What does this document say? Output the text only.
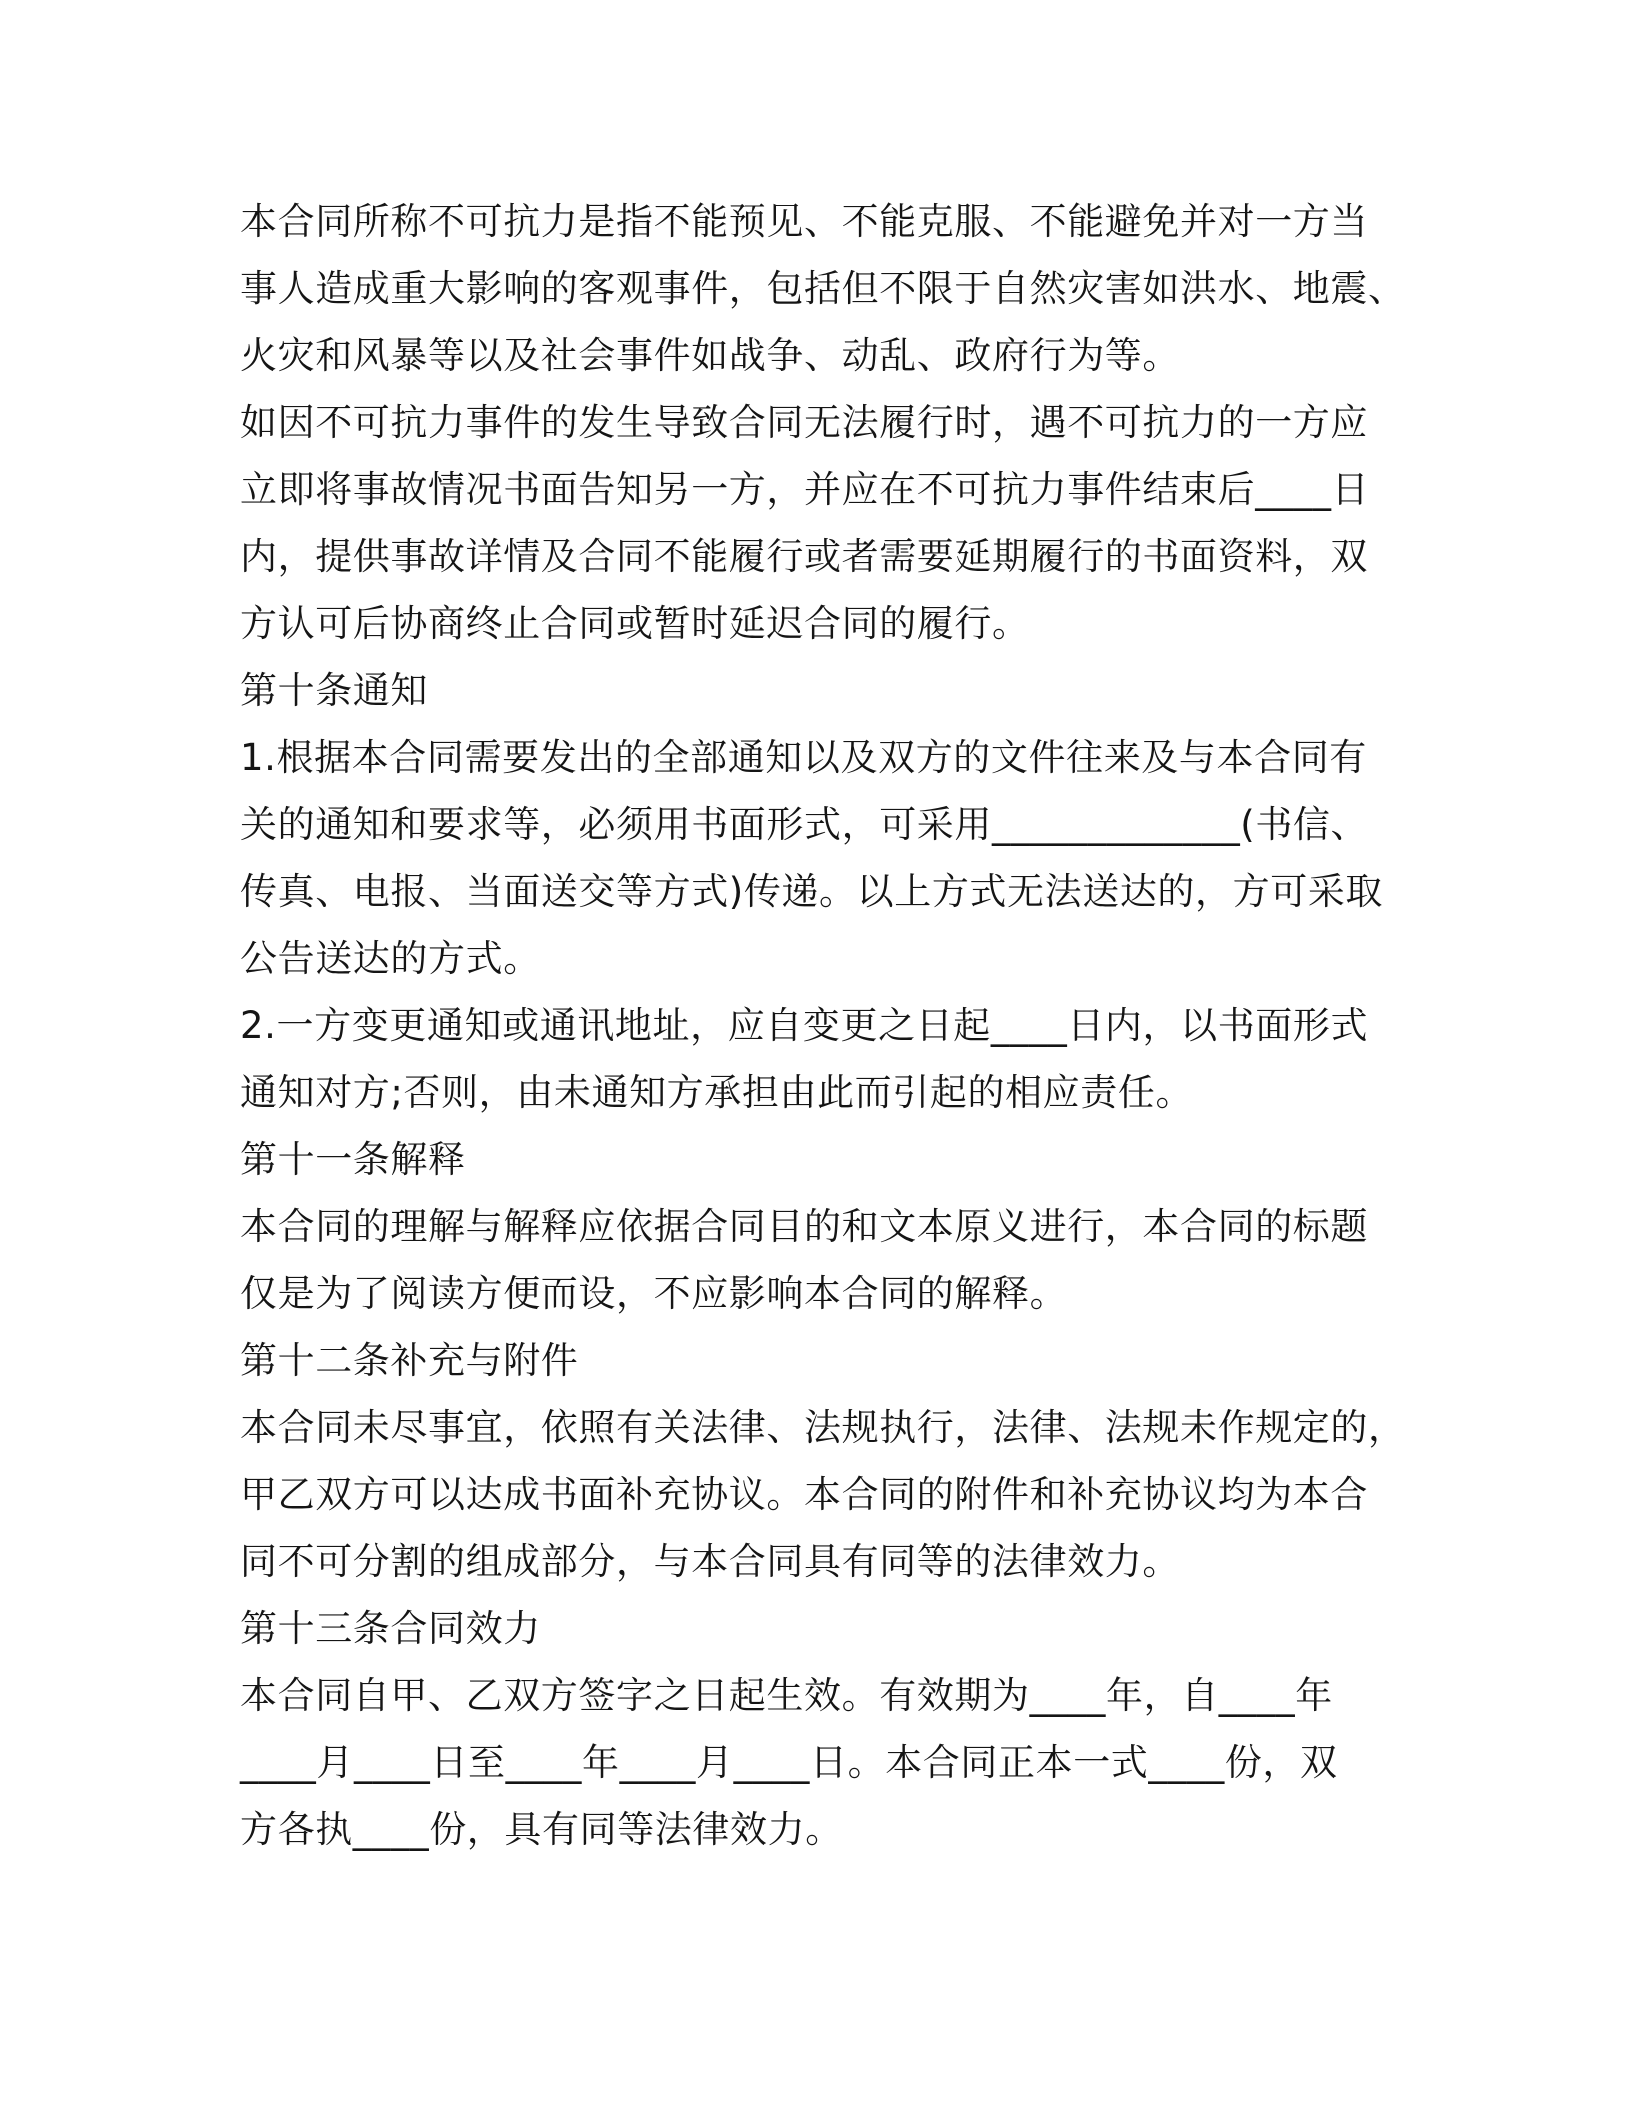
本合同所称不可抗力是指不能预见、不能克服、不能避免并对一方当
事人造成重大影响的客观事件，包括但不限于自然灾害如洪水、地震、
火灾和风暴等以及社会事件如战争、动乱、政府行为等。
如因不可抗力事件的发生导致合同无法履行时，遇不可抗力的一方应
立即将事故情况书面告知另一方，并应在不可抗力事件结束后____日
内，提供事故详情及合同不能履行或者需要延期履行的书面资料，双
方认可后协商终止合同或暂时延迟合同的履行。
第十条通知
1.根据本合同需要发出的全部通知以及双方的文件往来及与本合同有
关的通知和要求等，必须用书面形式，可采用_____________(书信、
传真、电报、当面送交等方式)传递。以上方式无法送达的，方可采取
公告送达的方式。
2.一方变更通知或通讯地址，应自变更之日起____日内，以书面形式
通知对方;否则，由未通知方承担由此而引起的相应责任。
第十一条解释
本合同的理解与解释应依据合同目的和文本原义进行，本合同的标题
仅是为了阅读方便而设，不应影响本合同的解释。
第十二条补充与附件
本合同未尽事宜，依照有关法律、法规执行，法律、法规未作规定的，
甲乙双方可以达成书面补充协议。本合同的附件和补充协议均为本合
同不可分割的组成部分，与本合同具有同等的法律效力。
第十三条合同效力
本合同自甲、乙双方签字之日起生效。有效期为____年，自____年
____月____日至____年____月____日。本合同正本一式____份，双
方各执____份，具有同等法律效力。
